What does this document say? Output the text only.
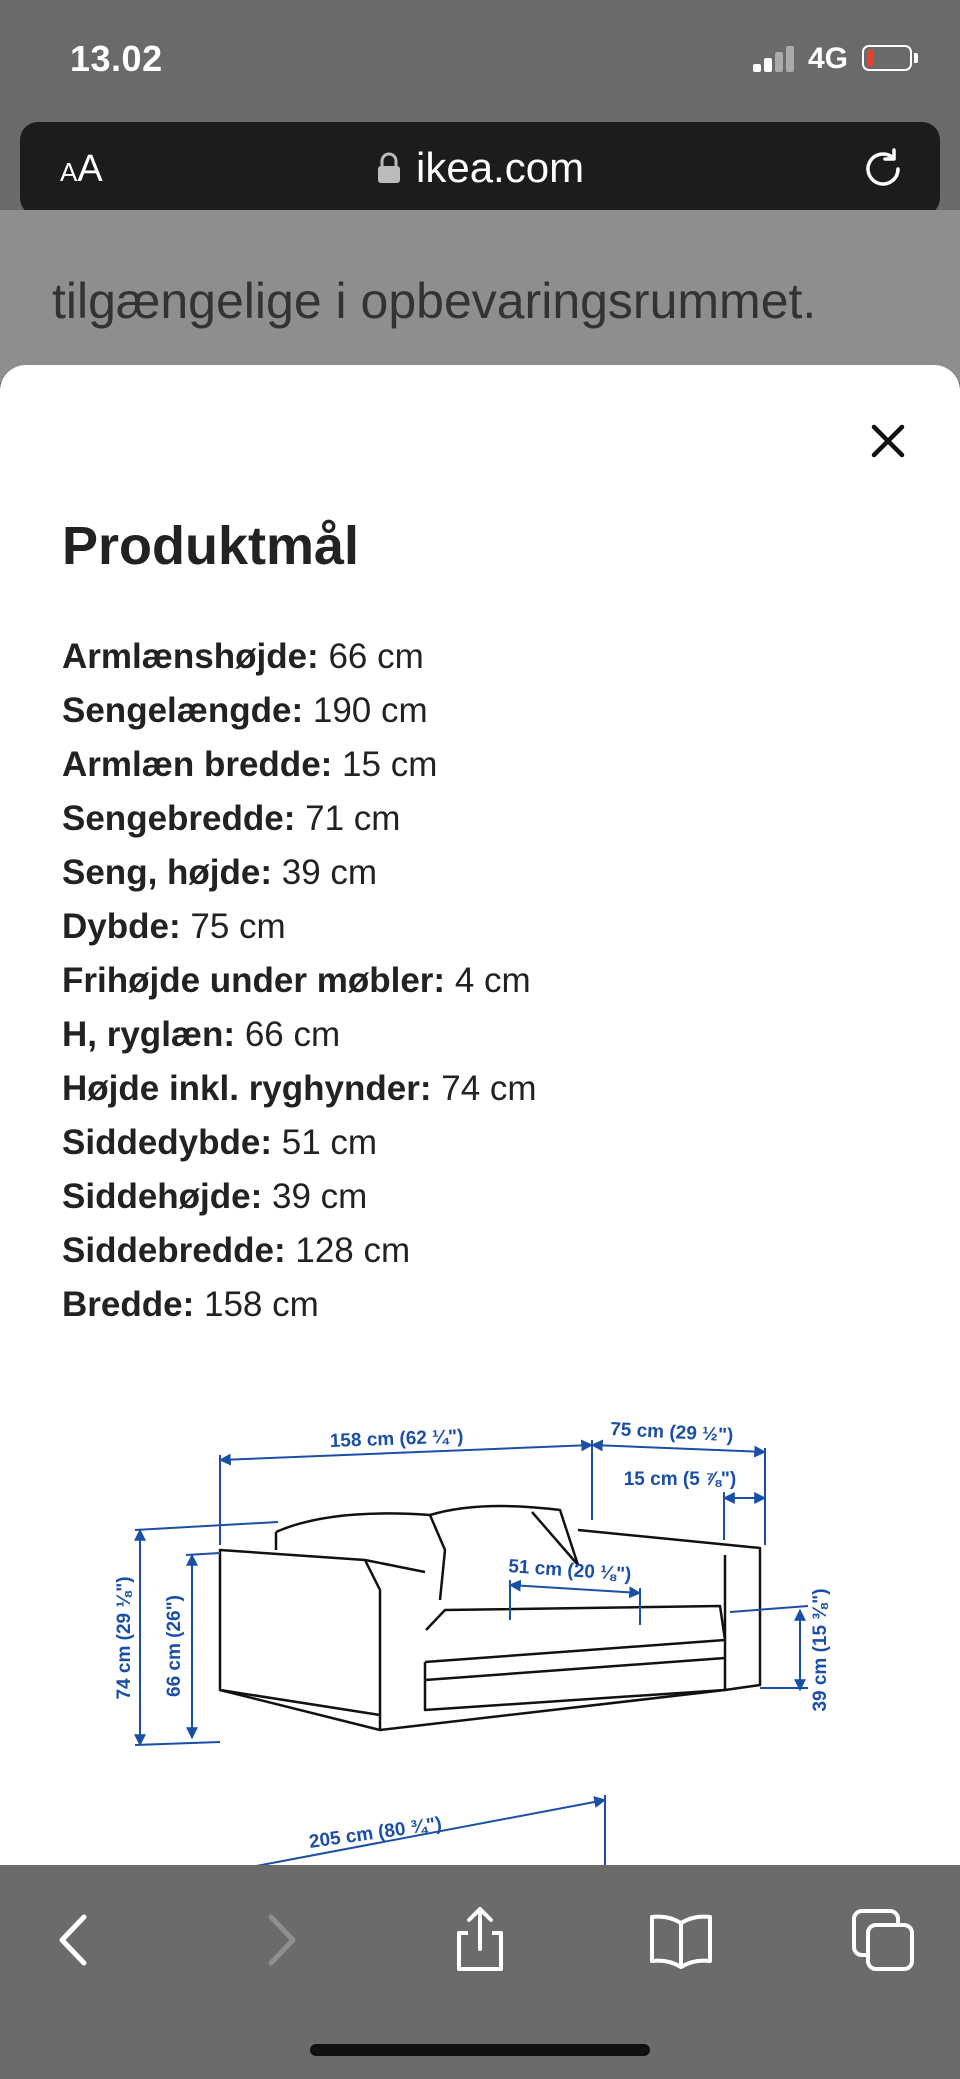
13.02	4G
AA	ikea.com
tilgængelige i opbevaringsrummet.
Produktmål
Armlænshøjde: 66 cm
Sengelængde: 190 cm
Armlæn bredde: 15 cm
Sengebredde: 71 cm
Seng, højde: 39 cm
Dybde: 75 cm
Frihøjde under møbler: 4 cm
H, ryglæn: 66 cm
Højde inkl. ryghynder: 74 cm
Siddedybde: 51 cm
Siddehøjde: 39 cm
Siddebredde: 128 cm
Bredde: 158 cm
158 cm (62 ¼")	75 cm (29 ½")
15 cm (5 ⅞")
51 cm (20 ⅛")
74 cm (29 ⅛") 66 cm (26")	39 cm (15 ⅜")
205 cm (80 ¾")
